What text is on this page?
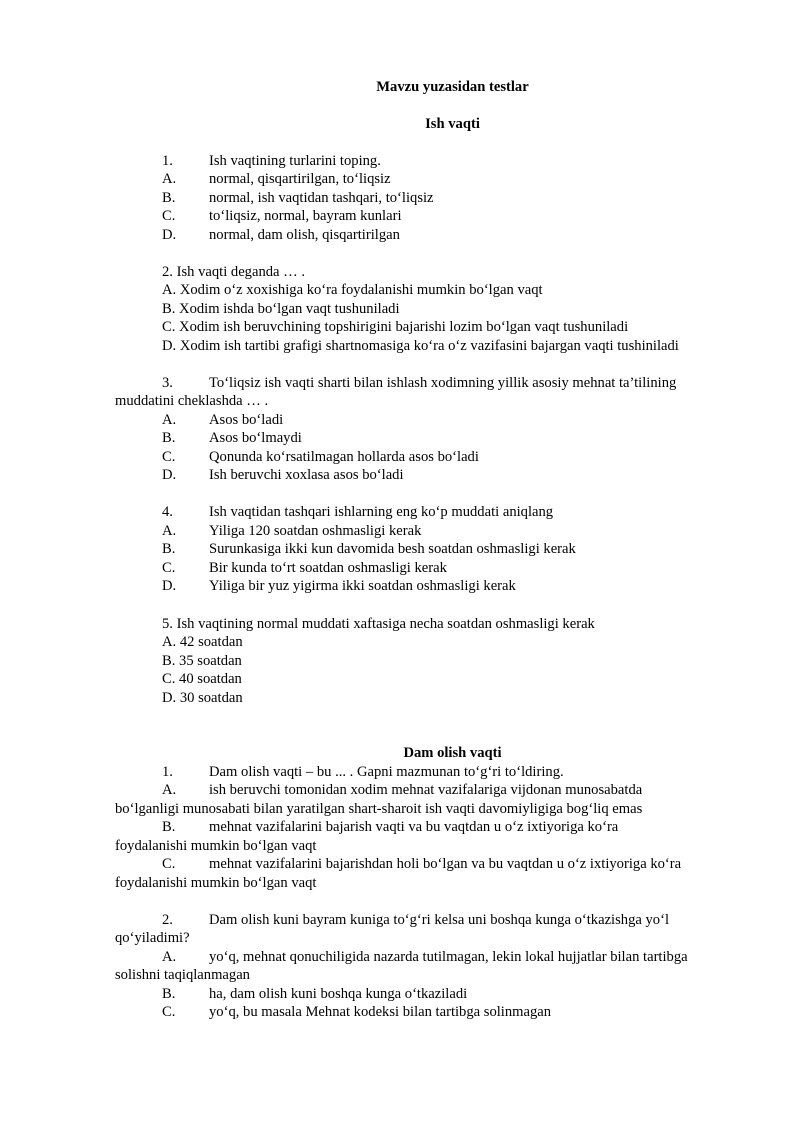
Mavzu yuzasidan testlar
Ish vaqti
1. Ish vaqtining turlarini toping.
A. normal, qisqartirilgan, to‘liqsiz
B. normal, ish vaqtidan tashqari, to‘liqsiz
C. to‘liqsiz, normal, bayram kunlari
D. normal, dam olish, qisqartirilgan
2. Ish vaqti deganda … .
A. Xodim o‘z xoxishiga ko‘ra foydalanishi mumkin bo‘lgan vaqt
B. Xodim ishda bo‘lgan vaqt tushuniladi
C. Xodim ish beruvchining topshirigini bajarishi lozim bo‘lgan vaqt tushuniladi
D. Xodim ish tartibi grafigi shartnomasiga ko‘ra o‘z vazifasini bajargan vaqti tushiniladi
3. To‘liqsiz ish vaqti sharti bilan ishlash xodimning yillik asosiy mehnat ta’tilining
muddatini cheklashda … .
A. Asos bo‘ladi
B. Asos bo‘lmaydi
C. Qonunda ko‘rsatilmagan hollarda asos bo‘ladi
D. Ish beruvchi xoxlasa asos bo‘ladi
4. Ish vaqtidan tashqari ishlarning eng ko‘p muddati aniqlang
A. Yiliga 120 soatdan oshmasligi kerak
B. Surunkasiga ikki kun davomida besh soatdan oshmasligi kerak
C. Bir kunda to‘rt soatdan oshmasligi kerak
D. Yiliga bir yuz yigirma ikki soatdan oshmasligi kerak
5. Ish vaqtining normal muddati xaftasiga necha soatdan oshmasligi kerak
A. 42 soatdan
B. 35 soatdan
C. 40 soatdan
D. 30 soatdan
Dam olish vaqti
1. Dam olish vaqti – bu ... . Gapni mazmunan to‘g‘ri to‘ldiring.
A. ish beruvchi tomonidan xodim mehnat vazifalariga vijdonan munosabatda
bo‘lganligi munosabati bilan yaratilgan shart-sharoit ish vaqti davomiyligiga bog‘liq emas
B. mehnat vazifalarini bajarish vaqti va bu vaqtdan u o‘z ixtiyoriga ko‘ra
foydalanishi mumkin bo‘lgan vaqt
C. mehnat vazifalarini bajarishdan holi bo‘lgan va bu vaqtdan u o‘z ixtiyoriga ko‘ra
foydalanishi mumkin bo‘lgan vaqt
2. Dam olish kuni bayram kuniga to‘g‘ri kelsa uni boshqa kunga o‘tkazishga yo‘l
qo‘yiladimi?
A. yo‘q, mehnat qonuchiligida nazarda tutilmagan, lekin lokal hujjatlar bilan tartibga
solishni taqiqlanmagan
B. ha, dam olish kuni boshqa kunga o‘tkaziladi
C. yo‘q, bu masala Mehnat kodeksi bilan tartibga solinmagan
